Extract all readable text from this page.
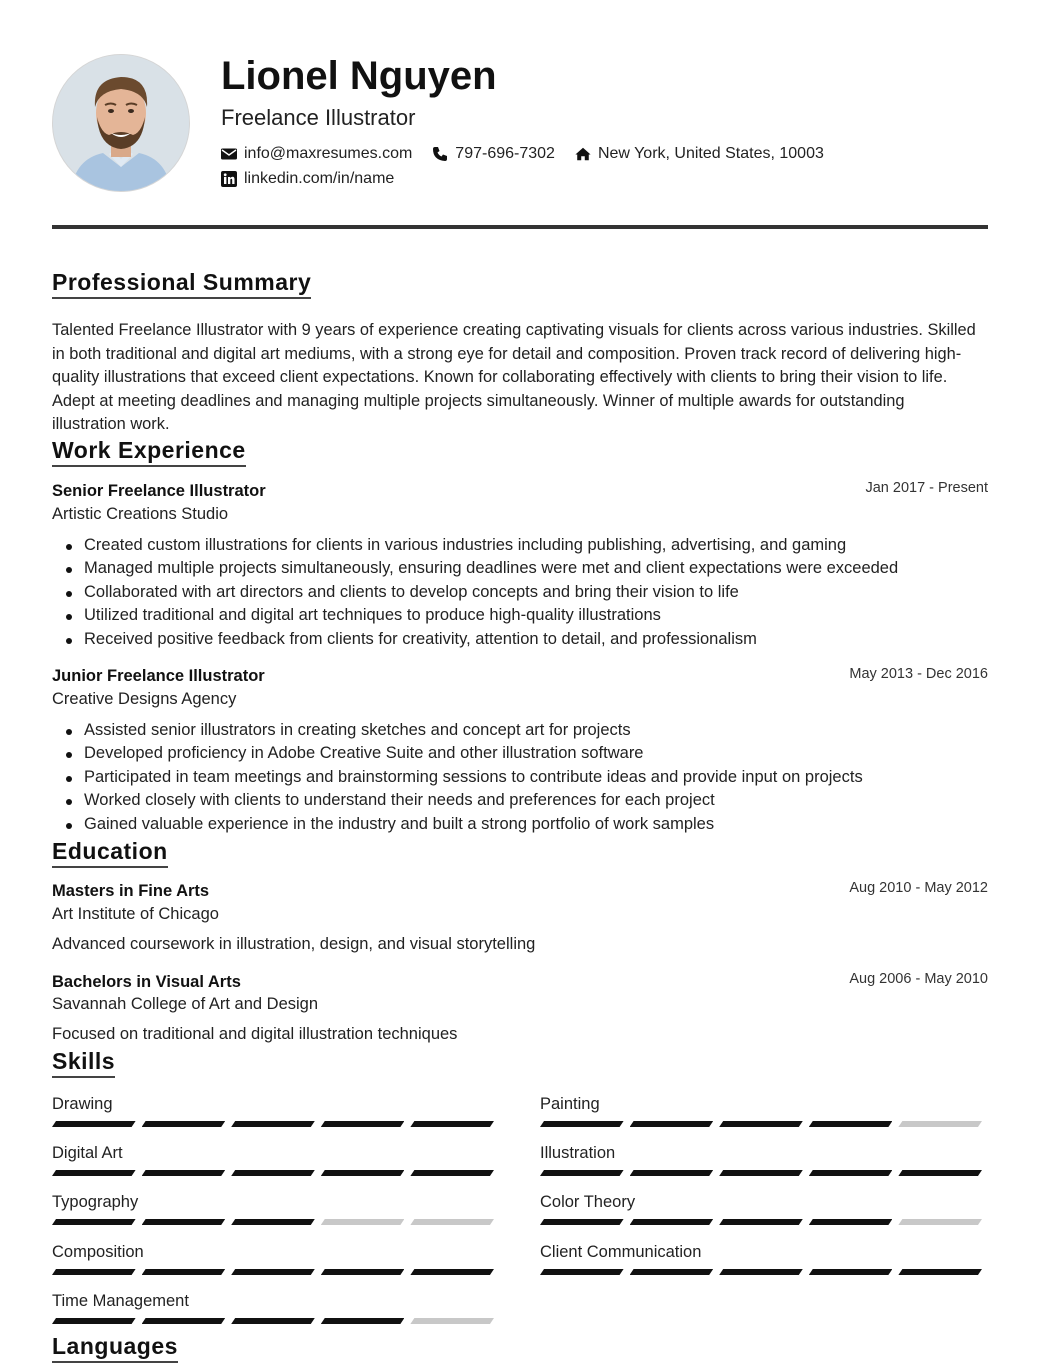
Lionel Nguyen
Freelance Illustrator
info@maxresumes.com	797-696-7302	New York, United States, 10003
linkedin.com/in/name
Professional Summary
Talented Freelance Illustrator with 9 years of experience creating captivating visuals for clients across various industries. Skilled in both traditional and digital art mediums, with a strong eye for detail and composition. Proven track record of delivering high-quality illustrations that exceed client expectations. Known for collaborating effectively with clients to bring their vision to life. Adept at meeting deadlines and managing multiple projects simultaneously. Winner of multiple awards for outstanding illustration work.
Work Experience
Senior Freelance Illustrator	Jan 2017 - Present
Artistic Creations Studio
Created custom illustrations for clients in various industries including publishing, advertising, and gaming
Managed multiple projects simultaneously, ensuring deadlines were met and client expectations were exceeded
Collaborated with art directors and clients to develop concepts and bring their vision to life
Utilized traditional and digital art techniques to produce high-quality illustrations
Received positive feedback from clients for creativity, attention to detail, and professionalism
Junior Freelance Illustrator	May 2013 - Dec 2016
Creative Designs Agency
Assisted senior illustrators in creating sketches and concept art for projects
Developed proficiency in Adobe Creative Suite and other illustration software
Participated in team meetings and brainstorming sessions to contribute ideas and provide input on projects
Worked closely with clients to understand their needs and preferences for each project
Gained valuable experience in the industry and built a strong portfolio of work samples
Education
Masters in Fine Arts	Aug 2010 - May 2012
Art Institute of Chicago
Advanced coursework in illustration, design, and visual storytelling
Bachelors in Visual Arts	Aug 2006 - May 2010
Savannah College of Art and Design
Focused on traditional and digital illustration techniques
Skills
Drawing	Painting
Digital Art	Illustration
Typography	Color Theory
Composition	Client Communication
Time Management
Languages
